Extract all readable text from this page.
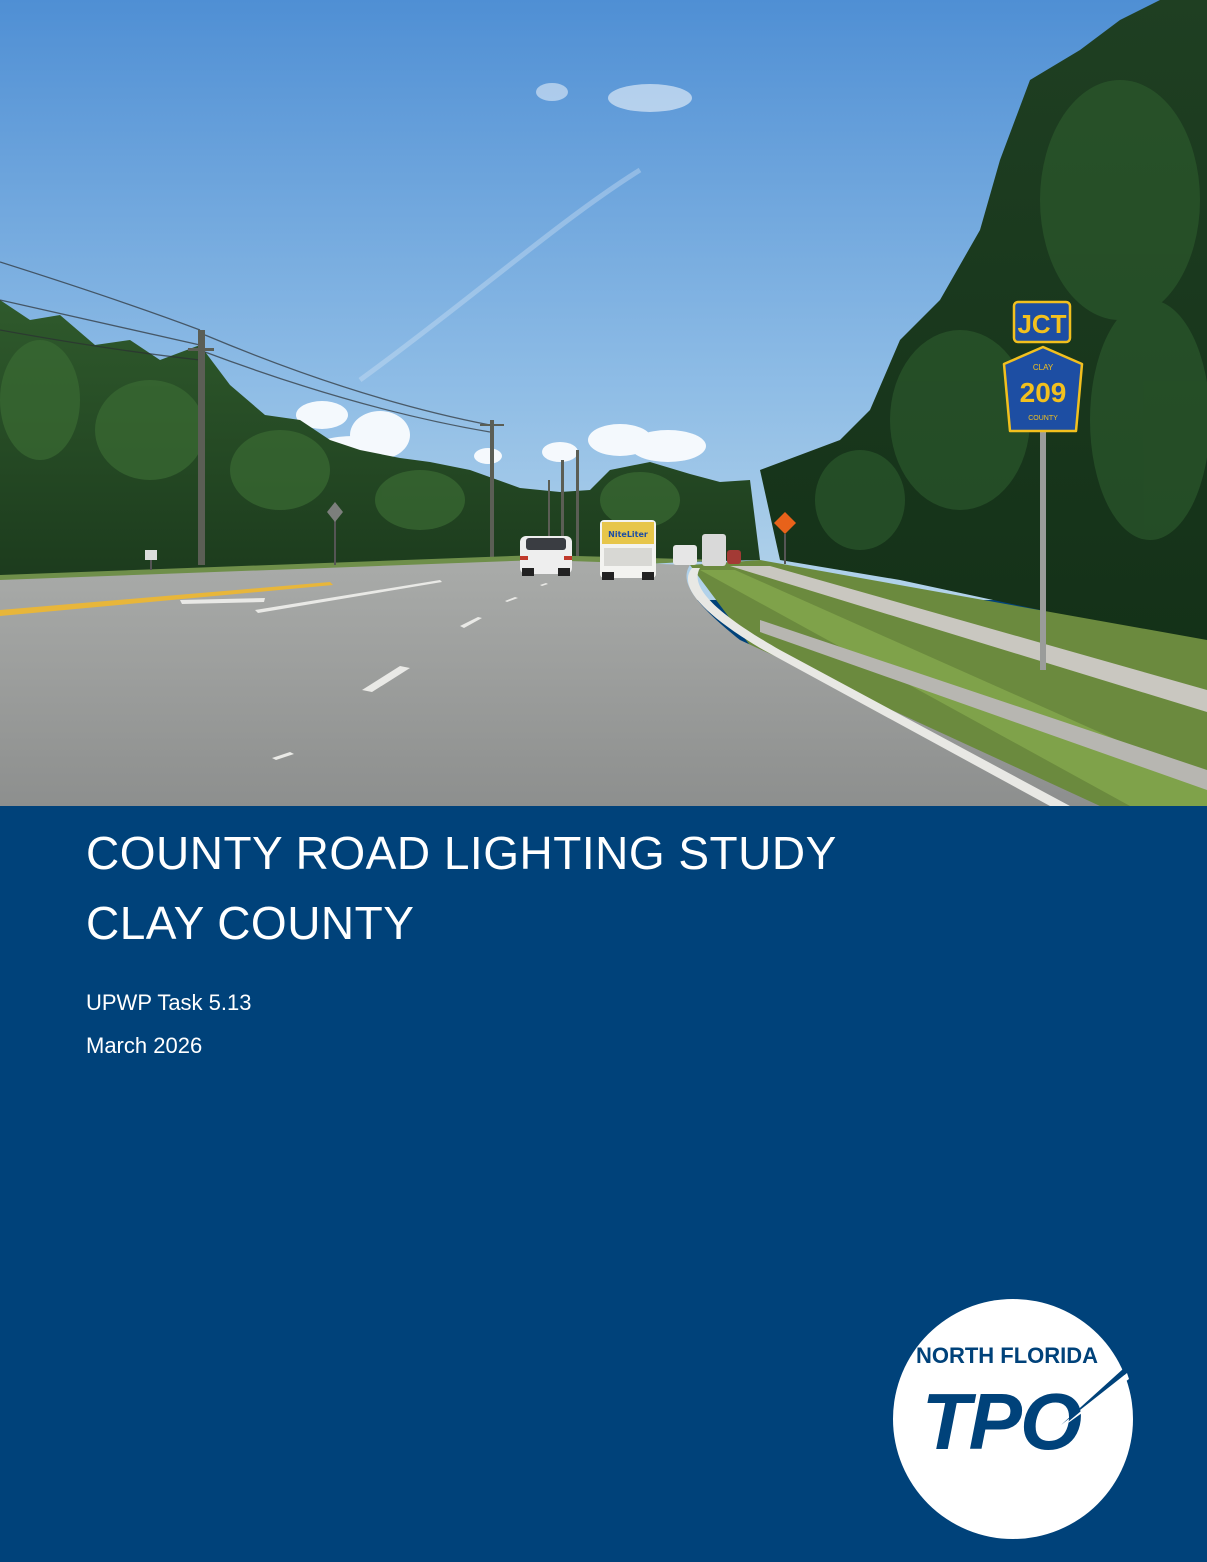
NiteLiter
JCT
CLAY
209
COUNTY
COUNTY ROAD LIGHTING STUDY
CLAY COUNTY

UPWP Task 5.13

March 2026

NORTH FLORIDA
TPO
